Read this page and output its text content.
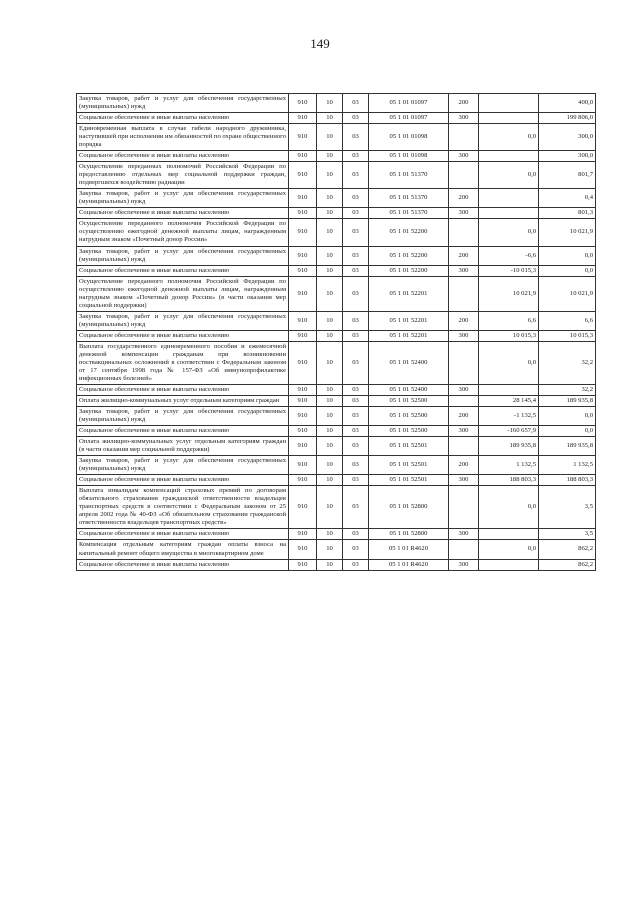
149
Закупка товаров, работ и услуг для обеспечения государственных (муниципальных) нужд	910	10	03	05 1 01 01097	200		400,0
Социальное обеспечение и иные выплаты населению	910	10	03	05 1 01 01097	300		199 806,0
Единовременная выплата в случае гибели народного дружинника, наступившей при исполнении им обязанностей по охране общественного порядка	910	10	03	05 1 01 01098		0,0	300,0
Социальное обеспечение и иные выплаты населению	910	10	03	05 1 01 01098	300		300,0
Осуществление переданных полномочий Российской Федерации по предоставлению отдельных мер социальной поддержки граждан, подвергшихся воздействию радиации	910	10	03	05 1 01 51370		0,0	801,7
Закупка товаров, работ и услуг для обеспечения государственных (муниципальных) нужд	910	10	03	05 1 01 51370	200		0,4
Социальное обеспечение и иные выплаты населению	910	10	03	05 1 01 51370	300		801,3
Осуществление переданного полномочия Российской Федерации по осуществлению ежегодной денежной выплаты лицам, награжденным нагрудным знаком «Почетный донор России»	910	10	03	05 1 01 52200		0,0	10 021,9
Закупка товаров, работ и услуг для обеспечения государственных (муниципальных) нужд	910	10	03	05 1 01 52200	200	-6,6	0,0
Социальное обеспечение и иные выплаты населению	910	10	03	05 1 01 52200	300	-10 015,3	0,0
Осуществление переданного полномочия Российской Федерации по осуществлению ежегодной денежной выплаты лицам, награжденным нагрудным знаком «Почетный донор России» (в части оказания мер социальной поддержки)	910	10	03	05 1 01 52201		10 021,9	10 021,9
Закупка товаров, работ и услуг для обеспечения государственных (муниципальных) нужд	910	10	03	05 1 01 52201	200	6,6	6,6
Социальное обеспечение и иные выплаты населению	910	10	03	05 1 01 52201	300	10 015,3	10 015,3
Выплата государственного единовременного пособия и ежемесячной денежной компенсации гражданам при возникновении поствакцинальных осложнений в соответствии с Федеральным законом от 17 сентября 1998 года № 157-ФЗ «Об иммунопрофилактике инфекционных болезней»	910	10	03	05 1 01 52400		0,0	32,2
Социальное обеспечение и иные выплаты населению	910	10	03	05 1 01 52400	300		32,2
Оплата жилищно-коммунальных услуг отдельным категориям граждан	910	10	03	05 1 01 52500		28 145,4	189 935,8
Закупка товаров, работ и услуг для обеспечения государственных (муниципальных) нужд	910	10	03	05 1 01 52500	200	-1 132,5	0,0
Социальное обеспечение и иные выплаты населению	910	10	03	05 1 01 52500	300	-160 657,9	0,0
Оплата жилищно-коммунальных услуг отдельным категориям граждан (в части оказания мер социальной поддержки)	910	10	03	05 1 01 52501		189 935,8	189 935,8
Закупка товаров, работ и услуг для обеспечения государственных (муниципальных) нужд	910	10	03	05 1 01 52501	200	1 132,5	1 132,5
Социальное обеспечение и иные выплаты населению	910	10	03	05 1 01 52501	300	188 803,3	188 803,3
Выплата инвалидам компенсаций страховых премий по договорам обязательного страхования гражданской ответственности владельцев транспортных средств в соответствии с Федеральным законом от 25 апреля 2002 года № 40-ФЗ «Об обязательном страховании гражданской ответственности владельцев транспортных средств»	910	10	03	05 1 01 52800		0,0	3,5
Социальное обеспечение и иные выплаты населению	910	10	03	05 1 01 52800	300		3,5
Компенсация отдельным категориям граждан оплаты взноса на капитальный ремонт общего имущества в многоквартирном доме	910	10	03	05 1 01 R4620		0,0	862,2
Социальное обеспечение и иные выплаты населению	910	10	03	05 1 01 R4620	300		862,2
